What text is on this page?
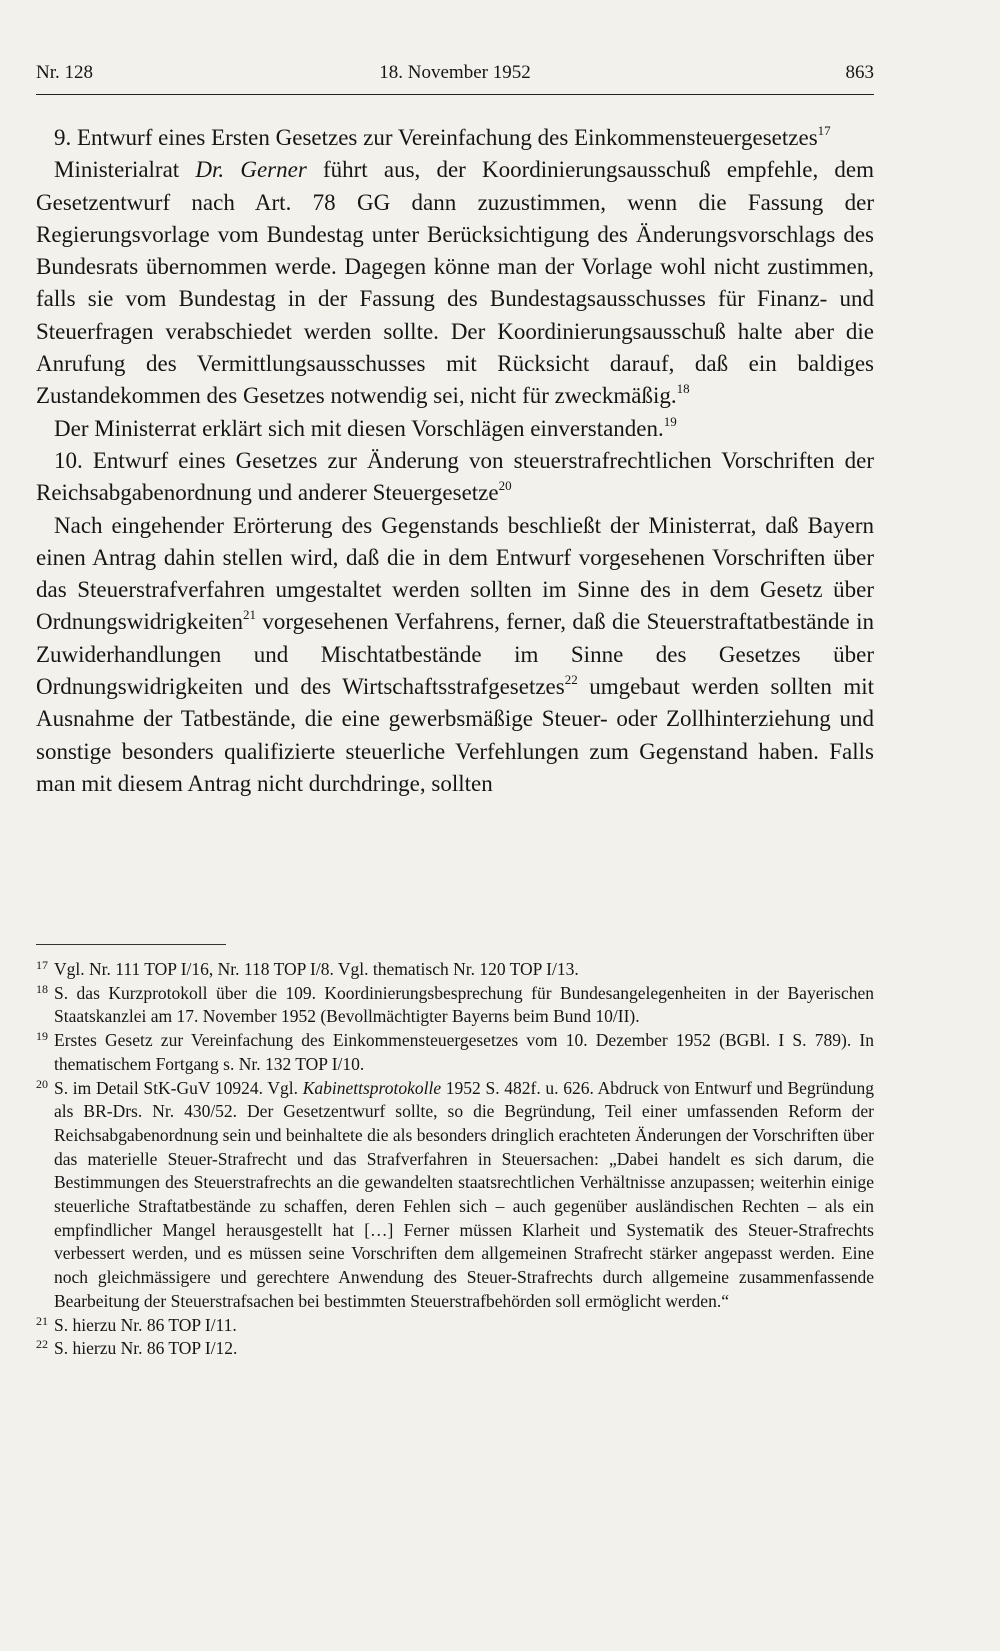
Nr. 128	18. November 1952	863

9. Entwurf eines Ersten Gesetzes zur Vereinfachung des Einkommensteuergesetzes$^{17}$

Ministerialrat Dr. Gerner führt aus, der Koordinierungsausschuß empfehle, dem Gesetzentwurf nach Art. 78 GG dann zuzustimmen, wenn die Fassung der Regierungsvorlage vom Bundestag unter Berücksichtigung des Änderungsvorschlags des Bundesrats übernommen werde. Dagegen könne man der Vorlage wohl nicht zustimmen, falls sie vom Bundestag in der Fassung des Bundestagsausschusses für Finanz- und Steuerfragen verabschiedet werden sollte. Der Koordinierungsausschuß halte aber die Anrufung des Vermittlungsausschusses mit Rücksicht darauf, daß ein baldiges Zustandekommen des Gesetzes notwendig sei, nicht für zweckmäßig.$^{18}$

Der Ministerrat erklärt sich mit diesen Vorschlägen einverstanden.$^{19}$

10. Entwurf eines Gesetzes zur Änderung von steuerstrafrechtlichen Vorschriften der Reichsabgabenordnung und anderer Steuergesetze$^{20}$

Nach eingehender Erörterung des Gegenstands beschließt der Ministerrat, daß Bayern einen Antrag dahin stellen wird, daß die in dem Entwurf vorgesehenen Vorschriften über das Steuerstrafverfahren umgestaltet werden sollten im Sinne des in dem Gesetz über Ordnungswidrigkeiten$^{21}$ vorgesehenen Verfahrens, ferner, daß die Steuerstraftatbestände in Zuwiderhandlungen und Mischtatbestände im Sinne des Gesetzes über Ordnungswidrigkeiten und des Wirtschaftsstrafgesetzes$^{22}$ umgebaut werden sollten mit Ausnahme der Tatbestände, die eine gewerbsmäßige Steuer- oder Zollhinterziehung und sonstige besonders qualifizierte steuerliche Verfehlungen zum Gegenstand haben. Falls man mit diesem Antrag nicht durchdringe, sollten

17 Vgl. Nr. 111 TOP I/16, Nr. 118 TOP I/8. Vgl. thematisch Nr. 120 TOP I/13.

18 S. das Kurzprotokoll über die 109. Koordinierungsbesprechung für Bundesangelegenheiten in der Bayerischen Staatskanzlei am 17. November 1952 (Bevollmächtigter Bayerns beim Bund 10/II).

19 Erstes Gesetz zur Vereinfachung des Einkommensteuergesetzes vom 10. Dezember 1952 (BGBl. I S. 789). In thematischem Fortgang s. Nr. 132 TOP I/10.

20 S. im Detail StK-GuV 10924. Vgl. Kabinettsprotokolle 1952 S. 482f. u. 626. Abdruck von Entwurf und Begründung als BR-Drs. Nr. 430/52. Der Gesetzentwurf sollte, so die Begründung, Teil einer umfassenden Reform der Reichsabgabenordnung sein und beinhaltete die als besonders dringlich erachteten Änderungen der Vorschriften über das materielle Steuer-Strafrecht und das Strafverfahren in Steuersachen: „Dabei handelt es sich darum, die Bestimmungen des Steuerstrafrechts an die gewandelten staatsrechtlichen Verhältnisse anzupassen; weiterhin einige steuerliche Straftatbestände zu schaffen, deren Fehlen sich – auch gegenüber ausländischen Rechten – als ein empfindlicher Mangel herausgestellt hat […] Ferner müssen Klarheit und Systematik des Steuer-Strafrechts verbessert werden, und es müssen seine Vorschriften dem allgemeinen Strafrecht stärker angepasst werden. Eine noch gleichmässigere und gerechtere Anwendung des Steuer-Strafrechts durch allgemeine zusammenfassende Bearbeitung der Steuerstrafsachen bei bestimmten Steuerstrafbehörden soll ermöglicht werden.“

21 S. hierzu Nr. 86 TOP I/11.

22 S. hierzu Nr. 86 TOP I/12.
